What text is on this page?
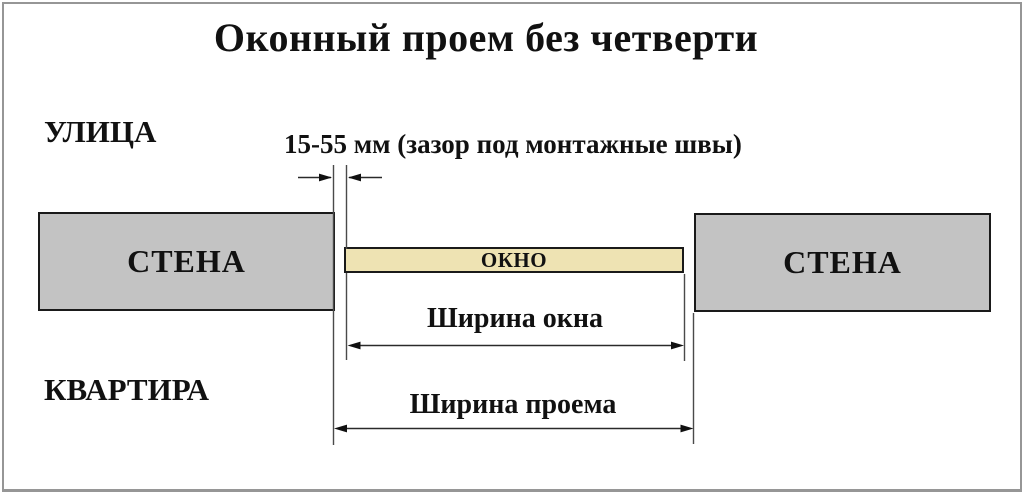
Оконный проем без четверти
УЛИЦА	15-55 мм (зазор под монтажные швы)
СТЕНА	СТЕНА
ОКНО
Ширина окна
КВАРТИРА	Ширина проема
